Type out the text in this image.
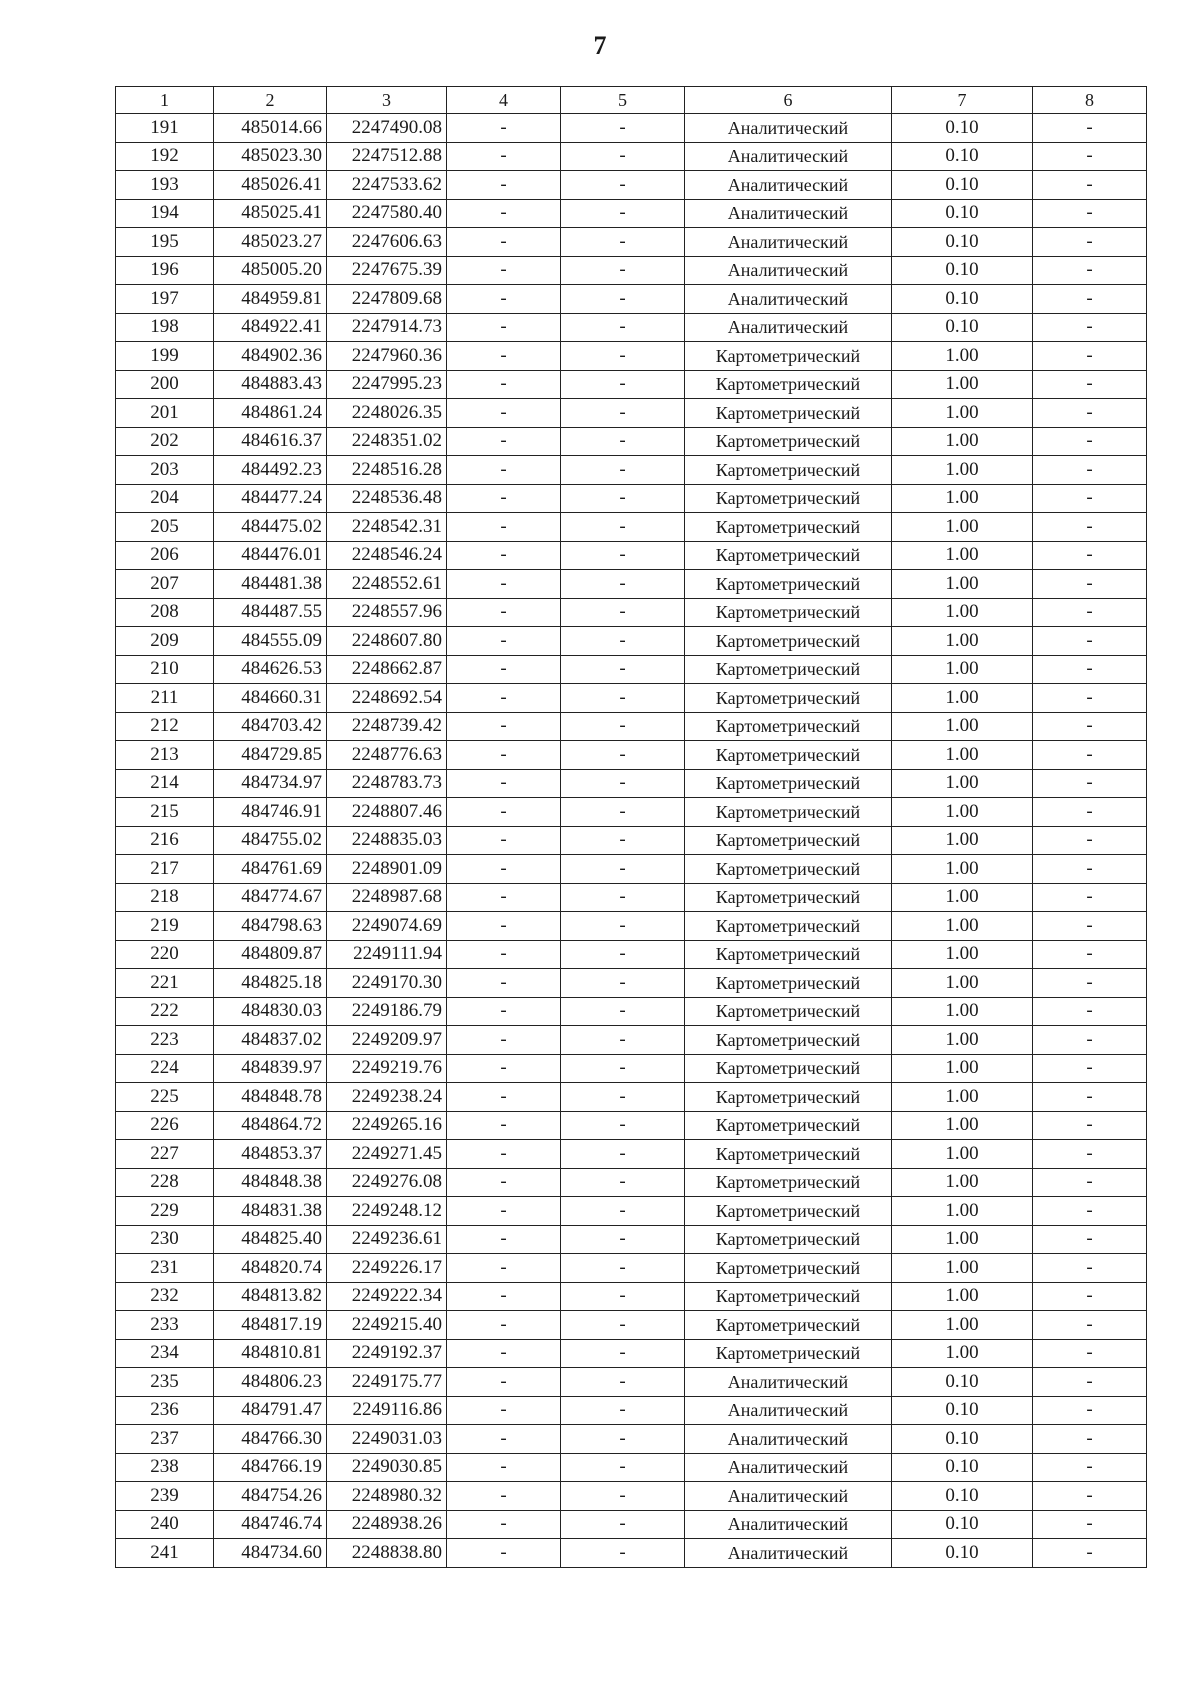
7
1	2	3	4	5	6	7	8
191	485014.66	2247490.08	-	-	Аналитический	0.10	-
192	485023.30	2247512.88	-	-	Аналитический	0.10	-
193	485026.41	2247533.62	-	-	Аналитический	0.10	-
194	485025.41	2247580.40	-	-	Аналитический	0.10	-
195	485023.27	2247606.63	-	-	Аналитический	0.10	-
196	485005.20	2247675.39	-	-	Аналитический	0.10	-
197	484959.81	2247809.68	-	-	Аналитический	0.10	-
198	484922.41	2247914.73	-	-	Аналитический	0.10	-
199	484902.36	2247960.36	-	-	Картометрический	1.00	-
200	484883.43	2247995.23	-	-	Картометрический	1.00	-
201	484861.24	2248026.35	-	-	Картометрический	1.00	-
202	484616.37	2248351.02	-	-	Картометрический	1.00	-
203	484492.23	2248516.28	-	-	Картометрический	1.00	-
204	484477.24	2248536.48	-	-	Картометрический	1.00	-
205	484475.02	2248542.31	-	-	Картометрический	1.00	-
206	484476.01	2248546.24	-	-	Картометрический	1.00	-
207	484481.38	2248552.61	-	-	Картометрический	1.00	-
208	484487.55	2248557.96	-	-	Картометрический	1.00	-
209	484555.09	2248607.80	-	-	Картометрический	1.00	-
210	484626.53	2248662.87	-	-	Картометрический	1.00	-
211	484660.31	2248692.54	-	-	Картометрический	1.00	-
212	484703.42	2248739.42	-	-	Картометрический	1.00	-
213	484729.85	2248776.63	-	-	Картометрический	1.00	-
214	484734.97	2248783.73	-	-	Картометрический	1.00	-
215	484746.91	2248807.46	-	-	Картометрический	1.00	-
216	484755.02	2248835.03	-	-	Картометрический	1.00	-
217	484761.69	2248901.09	-	-	Картометрический	1.00	-
218	484774.67	2248987.68	-	-	Картометрический	1.00	-
219	484798.63	2249074.69	-	-	Картометрический	1.00	-
220	484809.87	2249111.94	-	-	Картометрический	1.00	-
221	484825.18	2249170.30	-	-	Картометрический	1.00	-
222	484830.03	2249186.79	-	-	Картометрический	1.00	-
223	484837.02	2249209.97	-	-	Картометрический	1.00	-
224	484839.97	2249219.76	-	-	Картометрический	1.00	-
225	484848.78	2249238.24	-	-	Картометрический	1.00	-
226	484864.72	2249265.16	-	-	Картометрический	1.00	-
227	484853.37	2249271.45	-	-	Картометрический	1.00	-
228	484848.38	2249276.08	-	-	Картометрический	1.00	-
229	484831.38	2249248.12	-	-	Картометрический	1.00	-
230	484825.40	2249236.61	-	-	Картометрический	1.00	-
231	484820.74	2249226.17	-	-	Картометрический	1.00	-
232	484813.82	2249222.34	-	-	Картометрический	1.00	-
233	484817.19	2249215.40	-	-	Картометрический	1.00	-
234	484810.81	2249192.37	-	-	Картометрический	1.00	-
235	484806.23	2249175.77	-	-	Аналитический	0.10	-
236	484791.47	2249116.86	-	-	Аналитический	0.10	-
237	484766.30	2249031.03	-	-	Аналитический	0.10	-
238	484766.19	2249030.85	-	-	Аналитический	0.10	-
239	484754.26	2248980.32	-	-	Аналитический	0.10	-
240	484746.74	2248938.26	-	-	Аналитический	0.10	-
241	484734.60	2248838.80	-	-	Аналитический	0.10	-
